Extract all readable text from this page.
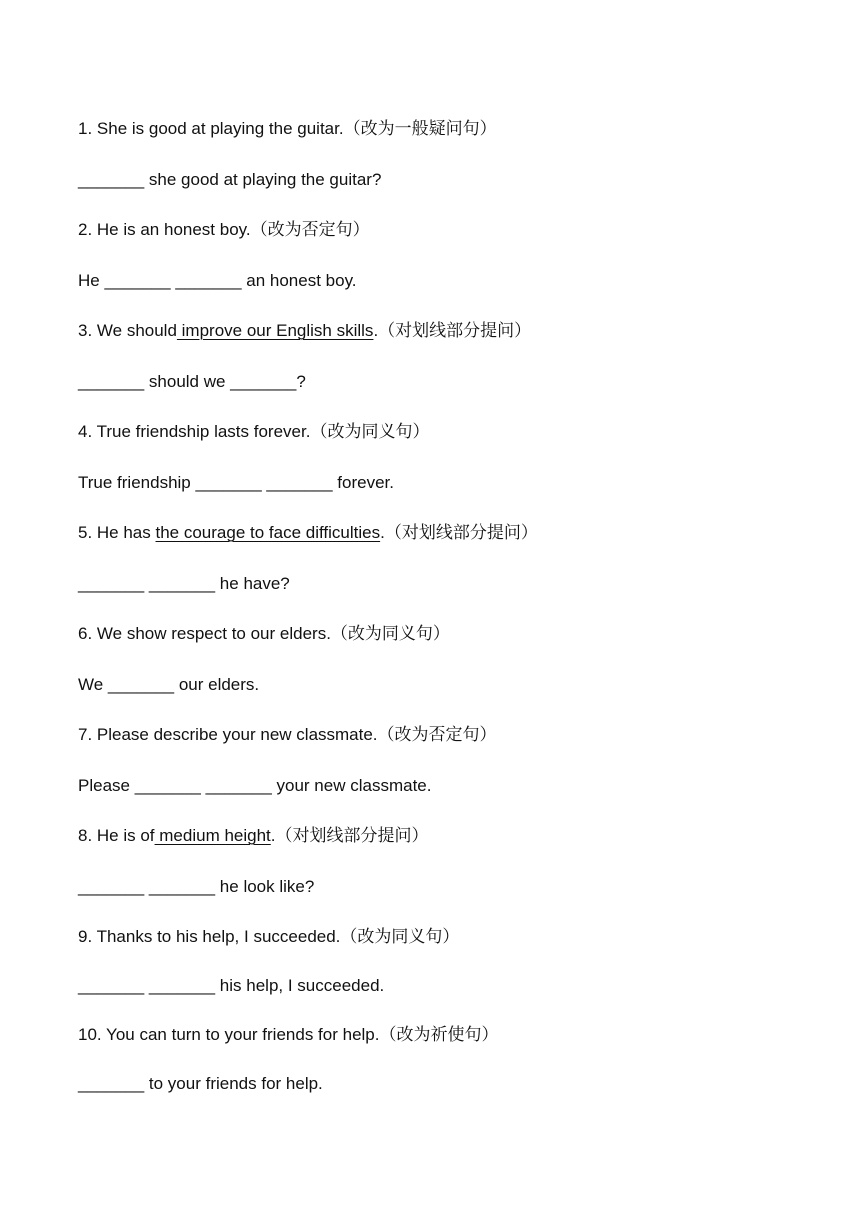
1. She is good at playing the guitar.（改为一般疑问句）
_______ she good at playing the guitar?
2. He is an honest boy.（改为否定句）
He _______ _______ an honest boy.
3. We should improve our English skills.（对划线部分提问）
_______ should we _______?
4. True friendship lasts forever.（改为同义句）
True friendship _______ _______ forever.
5. He has the courage to face difficulties.（对划线部分提问）
_______ _______ he have?
6. We show respect to our elders.（改为同义句）
We _______ our elders.
7. Please describe your new classmate.（改为否定句）
Please _______ _______ your new classmate.
8. He is of medium height.（对划线部分提问）
_______ _______ he look like?
9. Thanks to his help, I succeeded.（改为同义句）
_______ _______ his help, I succeeded.
10. You can turn to your friends for help.（改为祈使句）
_______ to your friends for help.
